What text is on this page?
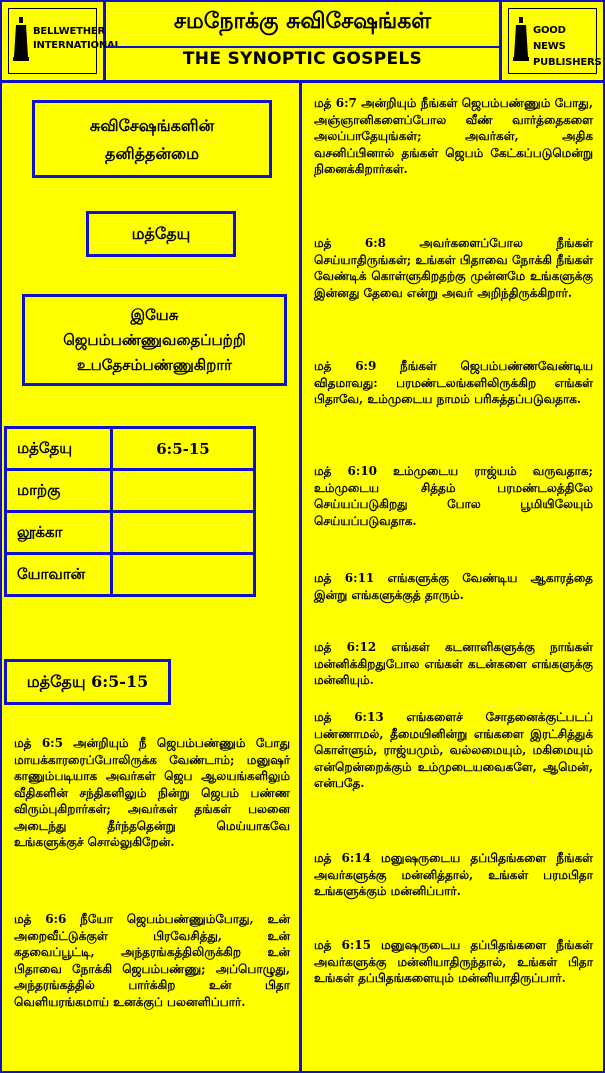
BELLWETHER
INTERNATIONAL
சமநோக்கு சுவிசேஷங்கள்
THE SYNOPTIC GOSPELS
GOOD NEWS
PUBLISHERS
சுவிசேஷங்களின்
தனித்தன்மை
மத்தேயு
இயேசு
ஜெபம்பண்ணுவதைப்பற்றி
உபதேசம்பண்ணுகிறார்
மத்தேயு	6:5-15
மாற்கு	
லூக்கா	
யோவான்	
மத்தேயு 6:5-15

மத் 6:5 அன்றியும் நீ ஜெபம்பண்ணும் போது மாயக்காரரைப்போலிருக்க வேண்டாம்; மனுஷர் காணும்படியாக அவர்கள் ஜெப ஆலயங்களிலும் வீதிகளின் சந்திகளிலும் நின்று ஜெபம் பண்ண விரும்புகிறார்கள்; அவர்கள் தங்கள் பலனை அடைந்து தீர்ந்ததென்று மெய்யாகவே உங்களுக்குச் சொல்லுகிறேன்.

மத் 6:6 நீயோ ஜெபம்பண்ணும்போது, உன் அறைவீட்டுக்குள் பிரவேசித்து, உன் கதவைப்பூட்டி, அந்தரங்கத்திலிருக்கிற உன் பிதாவை நோக்கி ஜெபம்பண்ணு; அப்பொழுது, அந்தரங்கத்தில் பார்க்கிற உன் பிதா வெளியரங்கமாய் உனக்குப் பலனளிப்பார்.

மத் 6:7 அன்றியும் நீங்கள் ஜெபம்பண்ணும் போது, அஞ்ஞானிகளைப்போல வீண் வார்த்தைகளை அலப்பாதேயுங்கள்; அவர்கள், அதிக வசனிப்பினால் தங்கள் ஜெபம் கேட்கப்படுமென்று நினைக்கிறார்கள்.

மத் 6:8 அவர்களைப்போல நீங்கள் செய்யாதிருங்கள்; உங்கள் பிதாவை நோக்கி நீங்கள் வேண்டிக் கொள்ளுகிறதற்கு முன்னமே உங்களுக்கு இன்னது தேவை என்று அவர் அறிந்திருக்கிறார்.

மத் 6:9 நீங்கள் ஜெபம்பண்ணவேண்டிய விதமாவது: பரமண்டலங்களிலிருக்கிற எங்கள் பிதாவே, உம்முடைய நாமம் பரிசுத்தப்படுவதாக.

மத் 6:10 உம்முடைய ராஜ்யம் வருவதாக; உம்முடைய சித்தம் பரமண்டலத்திலே செய்யப்படுகிறது போல பூமியிலேயும் செய்யப்படுவதாக.

மத் 6:11 எங்களுக்கு வேண்டிய ஆகாரத்தை இன்று எங்களுக்குத் தாரும்.

மத் 6:12 எங்கள் கடனாளிகளுக்கு நாங்கள் மன்னிக்கிறதுபோல எங்கள் கடன்களை எங்களுக்கு மன்னியும்.

மத் 6:13 எங்களைச் சோதனைக்குட்படப் பண்ணாமல், தீமையினின்று எங்களை இரட்சித்துக் கொள்ளும், ராஜ்யமும், வல்லமையும், மகிமையும் என்றென்றைக்கும் உம்முடையவைகளே, ஆமென், என்பதே.

மத் 6:14 மனுஷருடைய தப்பிதங்களை நீங்கள் அவர்களுக்கு மன்னித்தால், உங்கள் பரமபிதா உங்களுக்கும் மன்னிப்பார்.

மத் 6:15 மனுஷருடைய தப்பிதங்களை நீங்கள் அவர்களுக்கு மன்னியாதிருந்தால், உங்கள் பிதா உங்கள் தப்பிதங்களையும் மன்னியாதிருப்பார்.
